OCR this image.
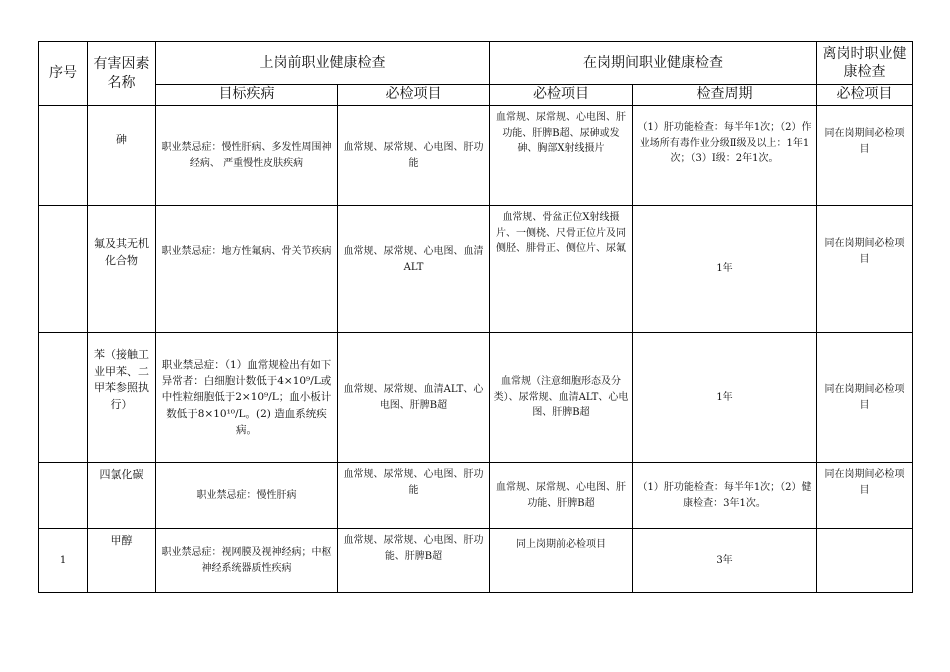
序号	有害因素名称	上岗前职业健康检查		在岗期间职业健康检查		离岗时职业健康检查
		目标疾病	必检项目	必检项目	检查周期	必检项目
	砷	职业禁忌症：慢性肝病、多发性周围神经病、 严重慢性皮肤疾病	血常规、尿常规、心电图、肝功能	血常规、尿常规、心电图、肝功能、肝脾B超、尿砷或发砷、胸部X射线摄片	（1）肝功能检查：每半年1次；（2）作业场所有毒作业分级Ⅱ级及以上：1年1次；（3）Ⅰ级：2年1次。	同在岗期间必检项目
	氟及其无机化合物	职业禁忌症：地方性氟病、骨关节疾病	血常规、尿常规、心电图、血清ALT	血常规、骨盆正位X射线摄片、一侧桡、尺骨正位片及同侧胫、腓骨正、侧位片、尿氟	1年	同在岗期间必检项目
	苯（接触工业甲苯、二甲苯参照执行）	职业禁忌症：（1）血常规检出有如下异常者：白细胞计数低于4×10⁹/L或中性粒细胞低于2×10⁹/L；血小板计数低于8×10¹⁰/L。(2) 造血系统疾病。	血常规、尿常规、血清ALT、心电图、肝脾B超	血常规（注意细胞形态及分类）、尿常规、血清ALT、心电图、肝脾B超	1年	同在岗期间必检项目
	四氯化碳	职业禁忌症：慢性肝病	血常规、尿常规、心电图、肝功能	血常规、尿常规、心电图、肝功能、肝脾B超	（1）肝功能检查：每半年1次；（2）健康检查：3年1次。	同在岗期间必检项目
1	甲醇	职业禁忌症：视网膜及视神经病；中枢神经系统器质性疾病	血常规、尿常规、心电图、肝功能、肝脾B超	同上岗期前必检项目	3年	
